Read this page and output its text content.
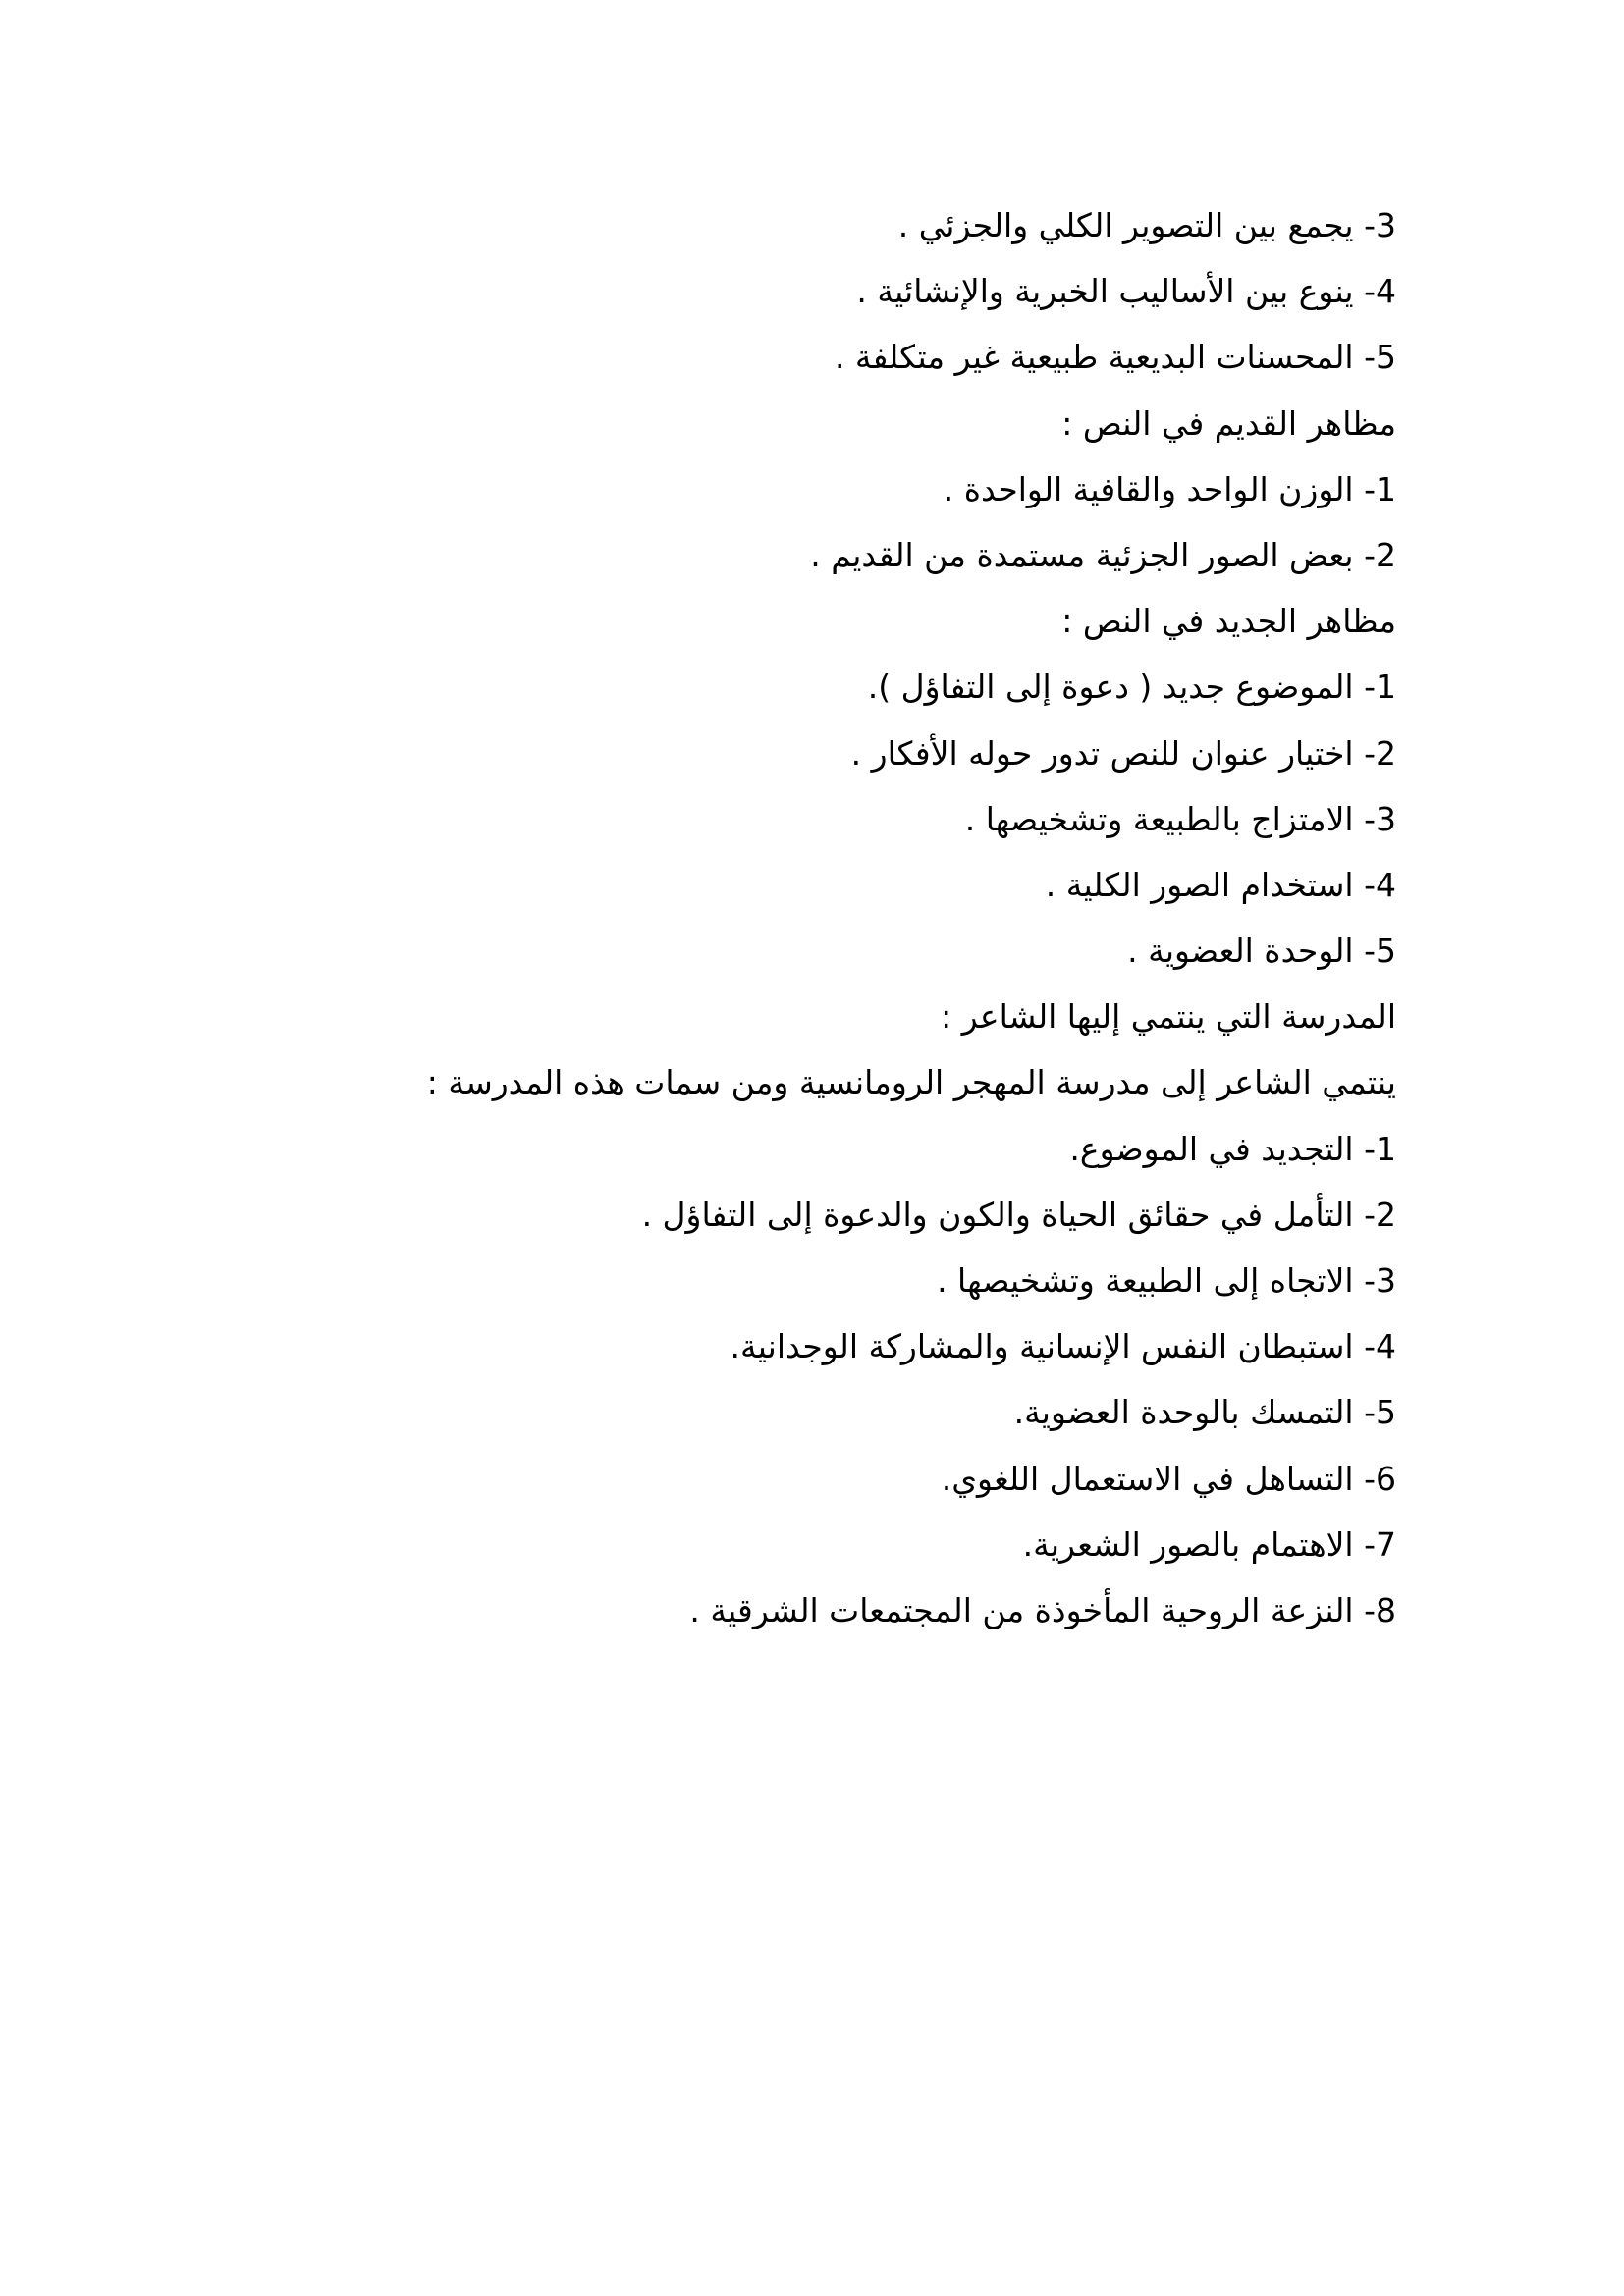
3- يجمع بين التصوير الكلي والجزئي .
4- ينوع بين الأساليب الخبرية والإنشائية .
5- المحسنات البديعية طبيعية غير متكلفة .
مظاهر القديم في النص :
1- الوزن الواحد والقافية الواحدة .
2- بعض الصور الجزئية مستمدة من القديم .
مظاهر الجديد في النص :
1- الموضوع جديد ( دعوة إلى التفاؤل ).
2- اختيار عنوان للنص تدور حوله الأفكار .
3- الامتزاج بالطبيعة وتشخيصها .
4- استخدام الصور الكلية .
5- الوحدة العضوية .
المدرسة التي ينتمي إليها الشاعر :
ينتمي الشاعر إلى مدرسة المهجر الرومانسية ومن سمات هذه المدرسة :
1- التجديد في الموضوع.
2- التأمل في حقائق الحياة والكون والدعوة إلى التفاؤل .
3- الاتجاه إلى الطبيعة وتشخيصها .
4- استبطان النفس الإنسانية والمشاركة الوجدانية.
5- التمسك بالوحدة العضوية.
6- التساهل في الاستعمال اللغوي.
7- الاهتمام بالصور الشعرية.
8- النزعة الروحية المأخوذة من المجتمعات الشرقية .
